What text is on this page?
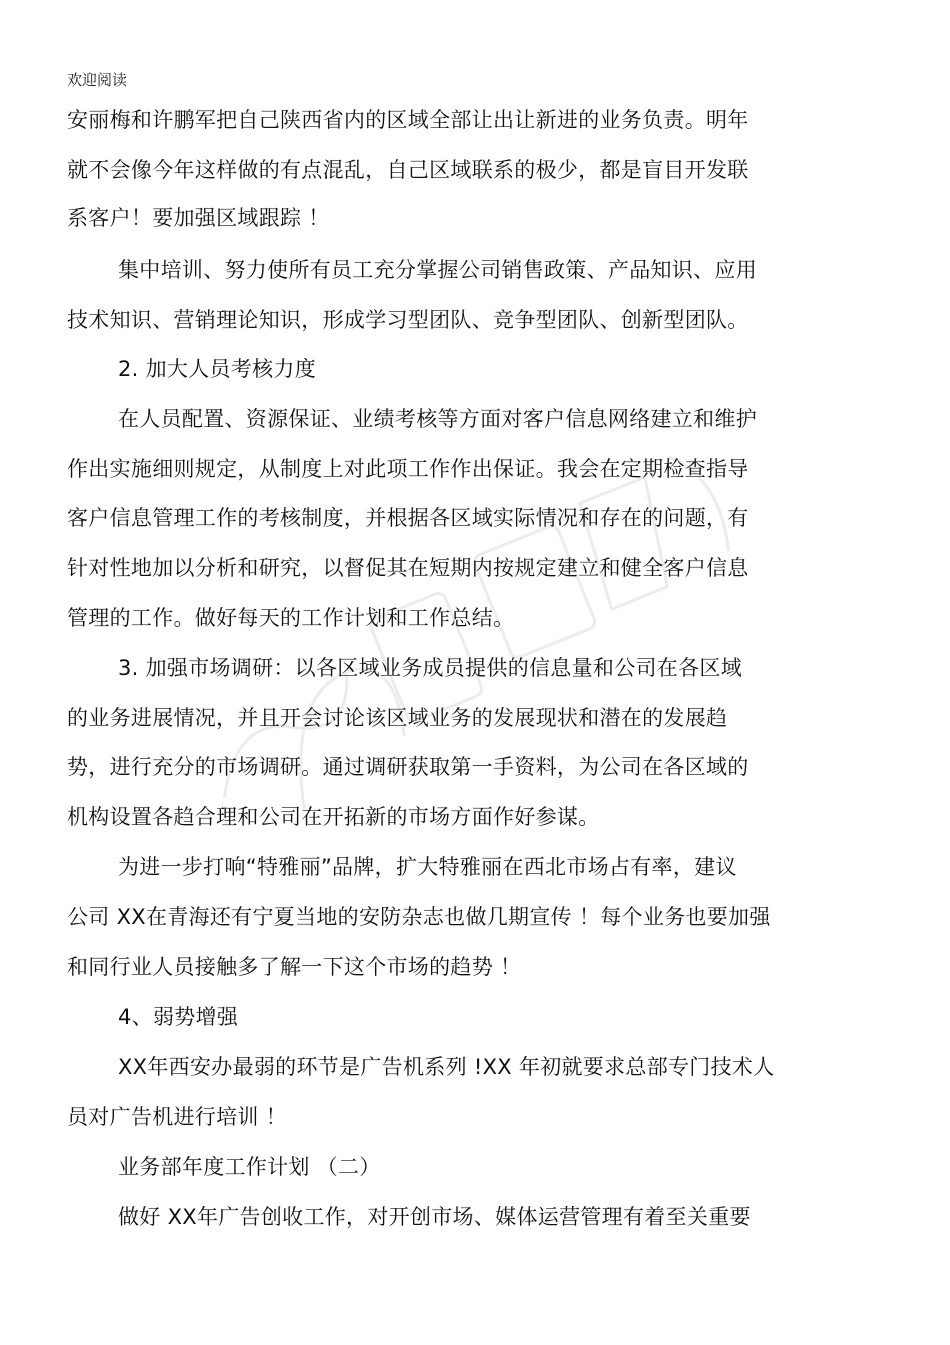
欢迎阅读
安丽梅和许鹏军把自己陕西省内的区域全部让出让新进的业务负责。明年
就不会像今年这样做的有点混乱，自己区域联系的极少，都是盲目开发联
系客户！要加强区域跟踪 ！
集中培训、努力使所有员工充分掌握公司销售政策、产品知识、应用
技术知识、营销理论知识，形成学习型团队、竞争型团队、创新型团队。
2. 加大人员考核力度
在人员配置、资源保证、业绩考核等方面对客户信息网络建立和维护
作出实施细则规定，从制度上对此项工作作出保证。我会在定期检查指导
客户信息管理工作的考核制度，并根据各区域实际情况和存在的问题，有
针对性地加以分析和研究，以督促其在短期内按规定建立和健全客户信息
管理的工作。做好每天的工作计划和工作总结。
3. 加强市场调研：以各区域业务成员提供的信息量和公司在各区域
的业务进展情况，并且开会讨论该区域业务的发展现状和潜在的发展趋
势，进行充分的市场调研。通过调研获取第一手资料，为公司在各区域的
机构设置各趋合理和公司在开拓新的市场方面作好参谋。
为进一步打响“特雅丽”品牌，扩大特雅丽在西北市场占有率，建议
公司 XX在青海还有宁夏当地的安防杂志也做几期宣传 ！每个业务也要加强
和同行业人员接触多了解一下这个市场的趋势 ！
4、弱势增强
XX年西安办最弱的环节是广告机系列 !XX 年初就要求总部专门技术人
员对广告机进行培训 ！
业务部年度工作计划 （二）
做好 XX年广告创收工作，对开创市场、媒体运营管理有着至关重要
